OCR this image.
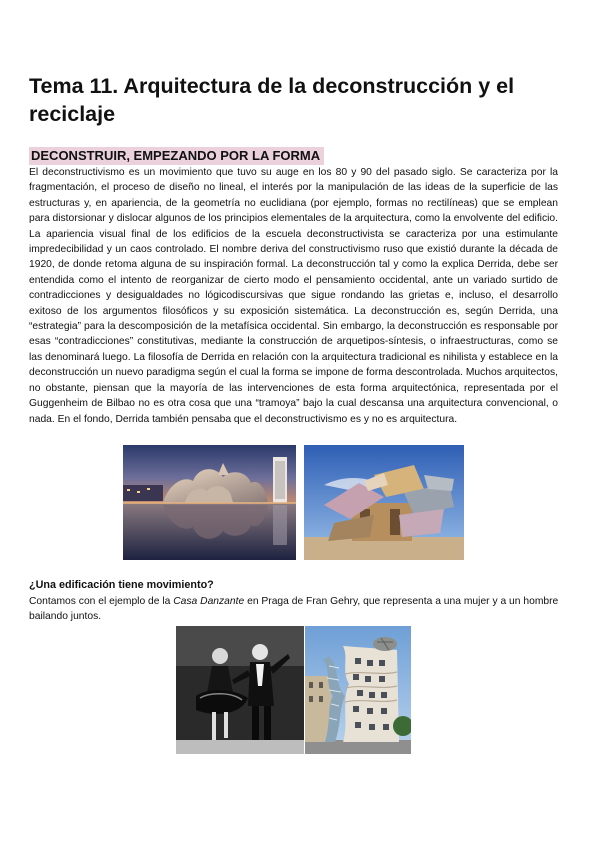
Tema 11. Arquitectura de la deconstrucción y el reciclaje
DECONSTRUIR, EMPEZANDO POR LA FORMA

El deconstructivismo es un movimiento que tuvo su auge en los 80 y 90 del pasado siglo. Se caracteriza por la fragmentación, el proceso de diseño no lineal, el interés por la manipulación de las ideas de la superficie de las estructuras y, en apariencia, de la geometría no euclidiana (por ejemplo, formas no rectilíneas) que se emplean para distorsionar y dislocar algunos de los principios elementales de la arquitectura, como la envolvente del edificio. La apariencia visual final de los edificios de la escuela deconstructivista se caracteriza por una estimulante impredecibilidad y un caos controlado. El nombre deriva del constructivismo ruso que existió durante la década de 1920, de donde retoma alguna de su inspiración formal. La deconstrucción tal y como la explica Derrida, debe ser entendida como el intento de reorganizar de cierto modo el pensamiento occidental, ante un variado surtido de contradicciones y desigualdades no lógicodiscursivas que sigue rondando las grietas e, incluso, el desarrollo exitoso de los argumentos filosóficos y su exposición sistemática. La deconstrucción es, según Derrida, una “estrategia” para la descomposición de la metafísica occidental. Sin embargo, la deconstrucción es responsable por esas “contradicciones” constitutivas, mediante la construcción de arquetipos-síntesis, o infraestructuras, como se las denominará luego. La filosofía de Derrida en relación con la arquitectura tradicional es nihilista y establece en la deconstrucción un nuevo paradigma según el cual la forma se impone de forma descontrolada. Muchos arquitectos, no obstante, piensan que la mayoría de las intervenciones de esta forma arquitectónica, representada por el Guggenheim de Bilbao no es otra cosa que una “tramoya” bajo la cual descansa una arquitectura convencional, o nada. En el fondo, Derrida también pensaba que el deconstructivismo es y no es arquitectura.

¿Una edificación tiene movimiento?

Contamos con el ejemplo de la Casa Danzante en Praga de Fran Gehry, que representa a una mujer y a un hombre bailando juntos.
